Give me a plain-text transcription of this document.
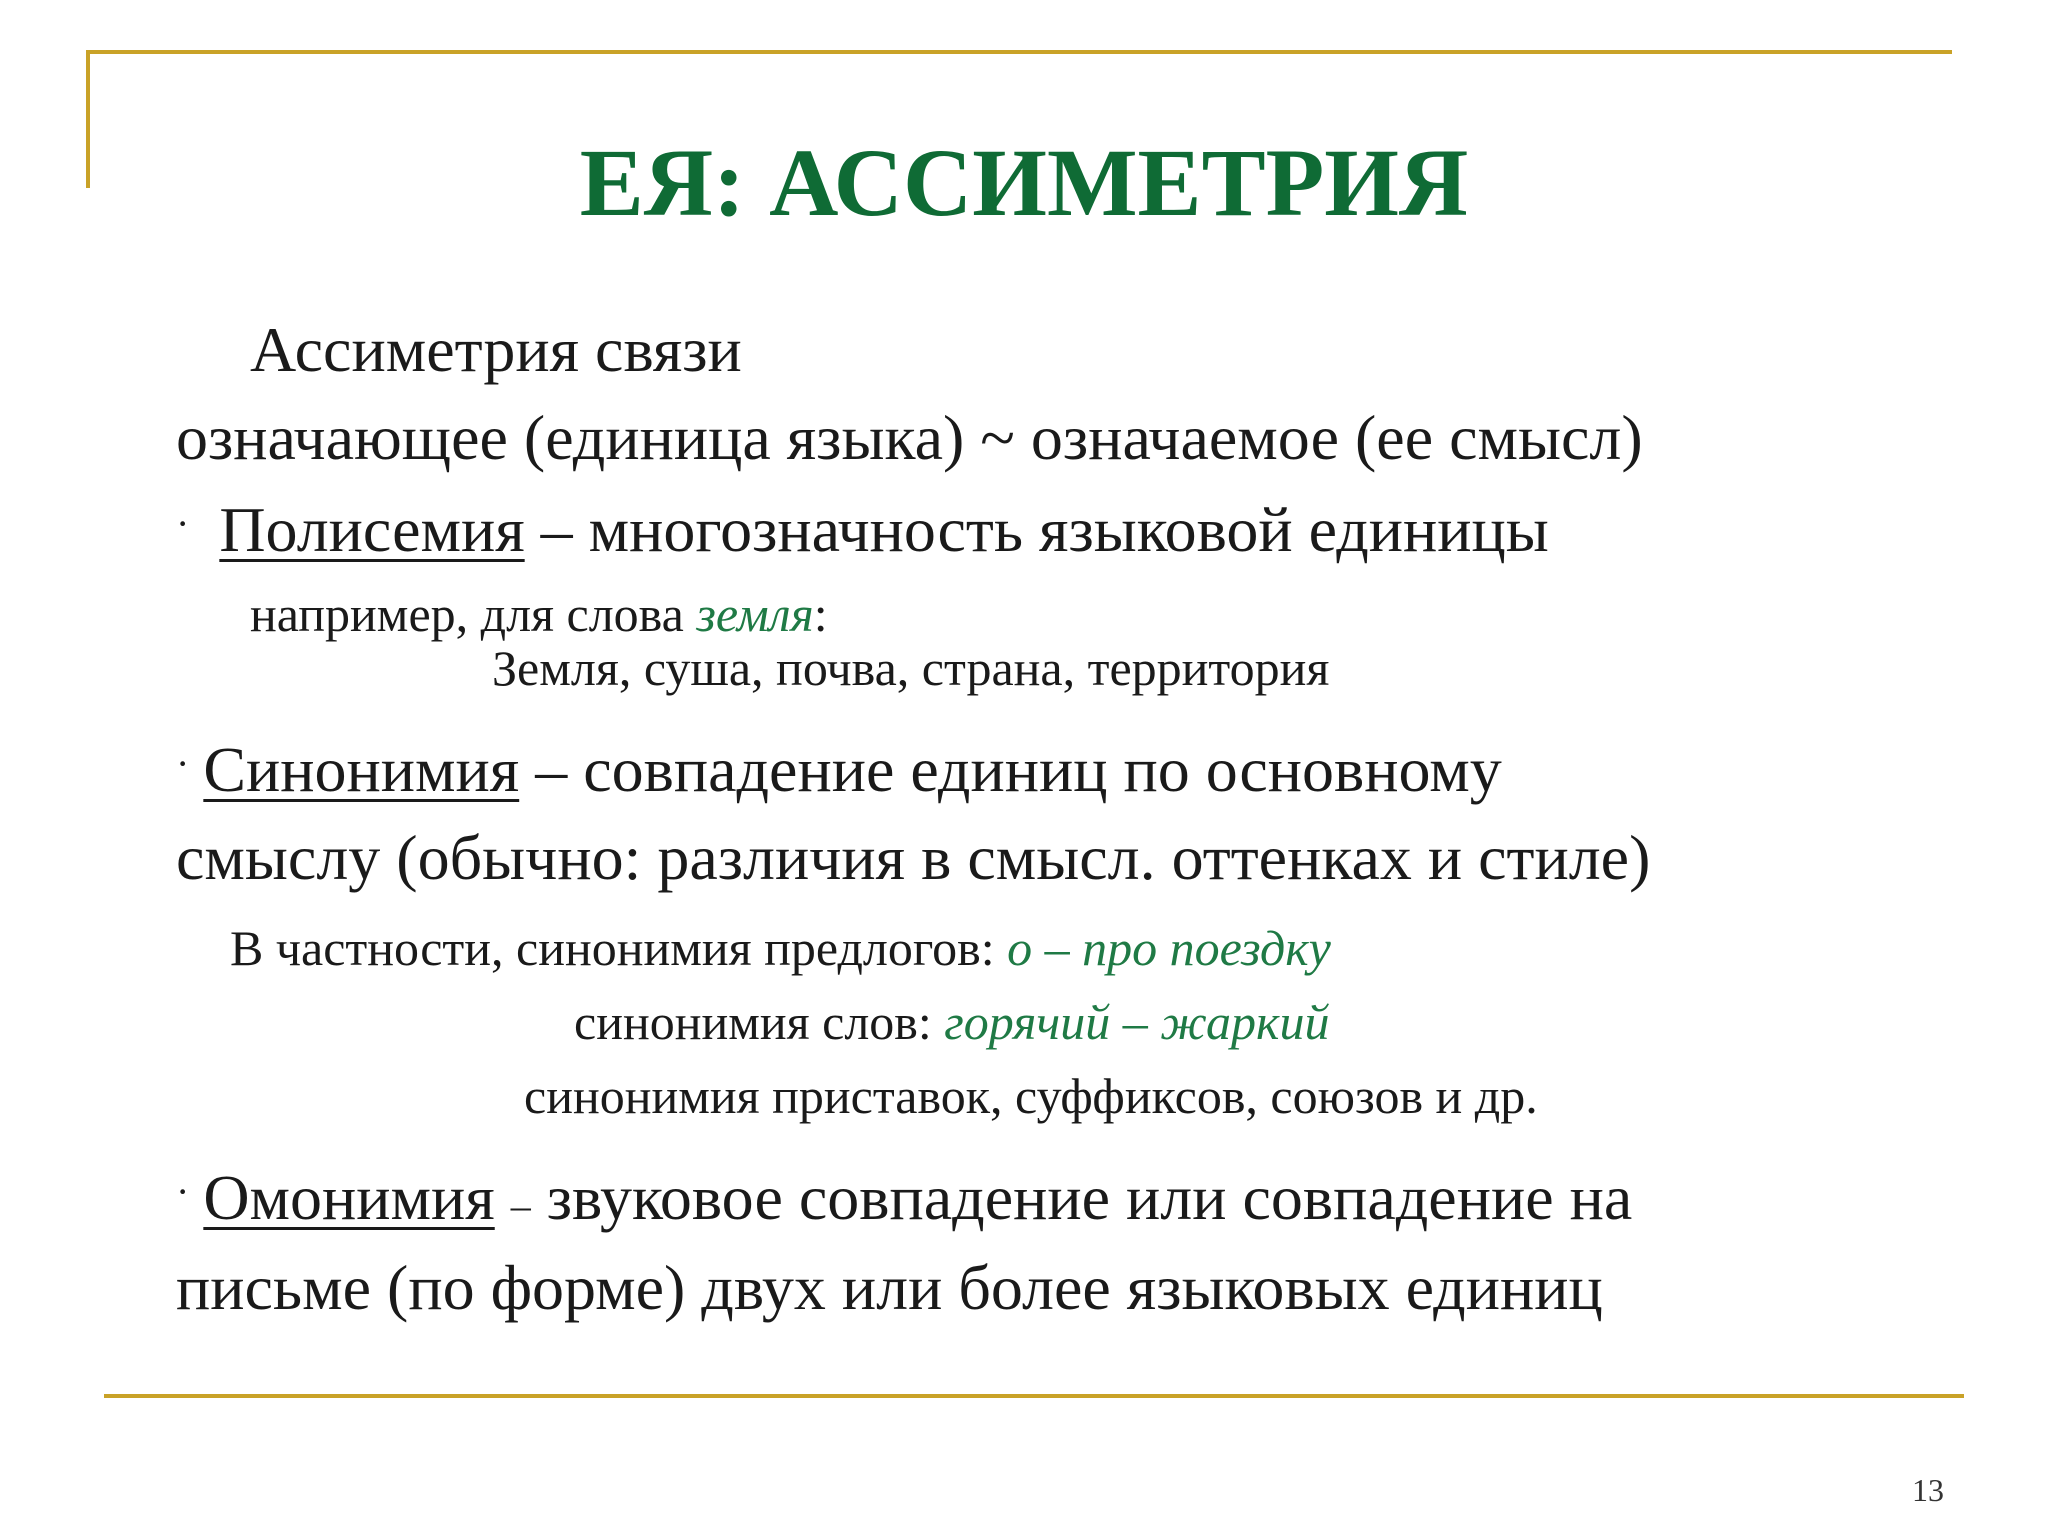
ЕЯ: АССИМЕТРИЯ
Ассиметрия связи
означающее (единица языка) ~ означаемое (ее смысл)
· Полисемия – многозначность языковой единицы
например, для слова земля:
Земля, суша, почва, страна, территория
· Синонимия – совпадение единиц по основному
смыслу (обычно: различия в смысл. оттенках и стиле)
В частности, синонимия предлогов: о – про поездку
синонимия слов: горячий – жаркий
синонимия приставок, суффиксов, союзов и др.
· Омонимия – звуковое совпадение или совпадение на
письме (по форме) двух или более языковых единиц
13
